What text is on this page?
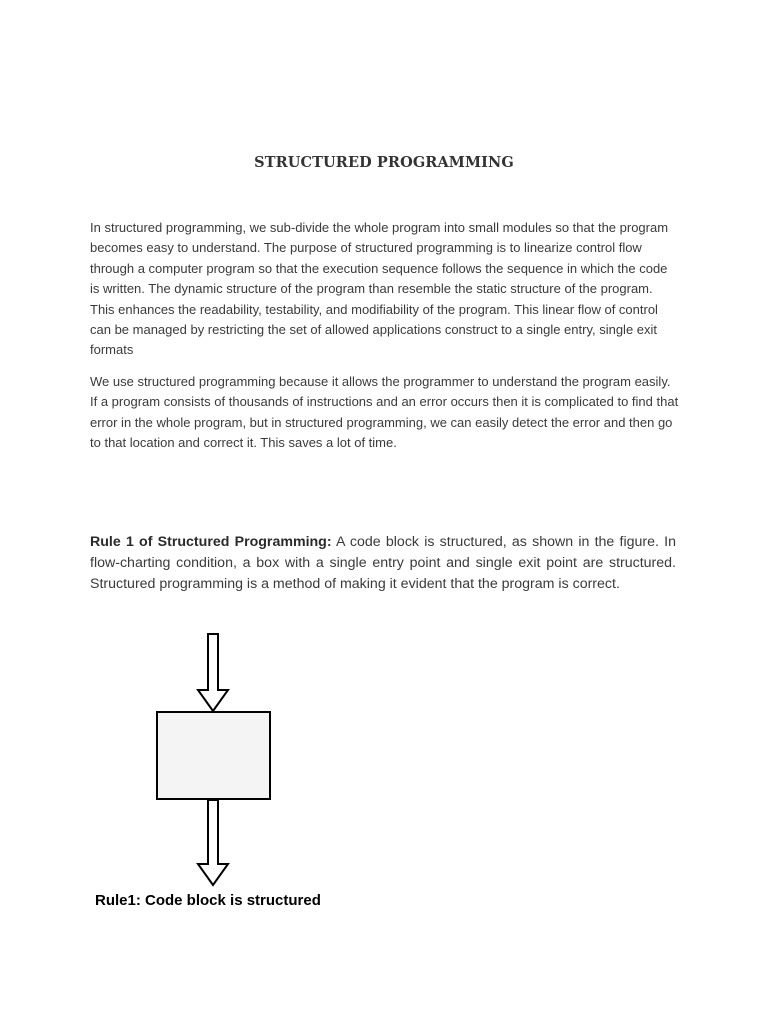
STRUCTURED PROGRAMMING

In structured programming, we sub-divide the whole program into small modules so that the program becomes easy to understand. The purpose of structured programming is to linearize control flow through a computer program so that the execution sequence follows the sequence in which the code is written. The dynamic structure of the program than resemble the static structure of the program. This enhances the readability, testability, and modifiability of the program. This linear flow of control can be managed by restricting the set of allowed applications construct to a single entry, single exit formats

We use structured programming because it allows the programmer to understand the program easily. If a program consists of thousands of instructions and an error occurs then it is complicated to find that error in the whole program, but in structured programming, we can easily detect the error and then go to that location and correct it. This saves a lot of time.

Rule 1 of Structured Programming: A code block is structured, as shown in the figure. In flow-charting condition, a box with a single entry point and single exit point are structured. Structured programming is a method of making it evident that the program is correct.

Rule1: Code block is structured
